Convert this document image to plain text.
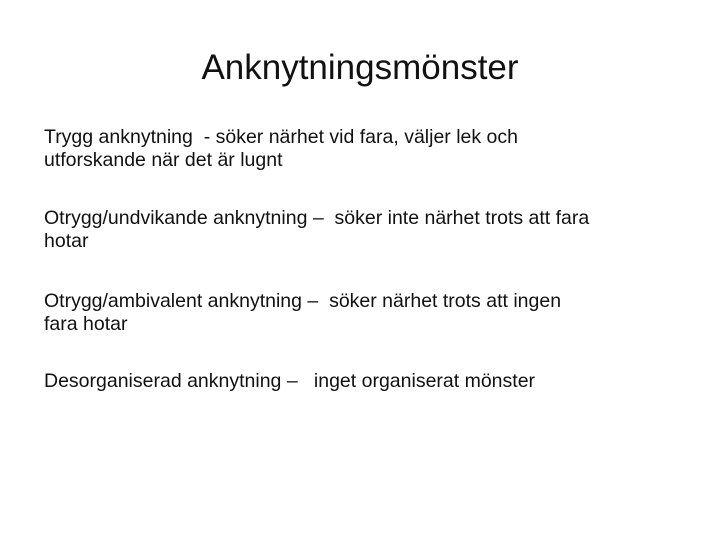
Anknytningsmönster
Trygg anknytning  - söker närhet vid fara, väljer lek och
utforskande när det är lugnt
Otrygg/undvikande anknytning –  söker inte närhet trots att fara
hotar
Otrygg/ambivalent anknytning –  söker närhet trots att ingen
fara hotar
Desorganiserad anknytning –   inget organiserat mönster
